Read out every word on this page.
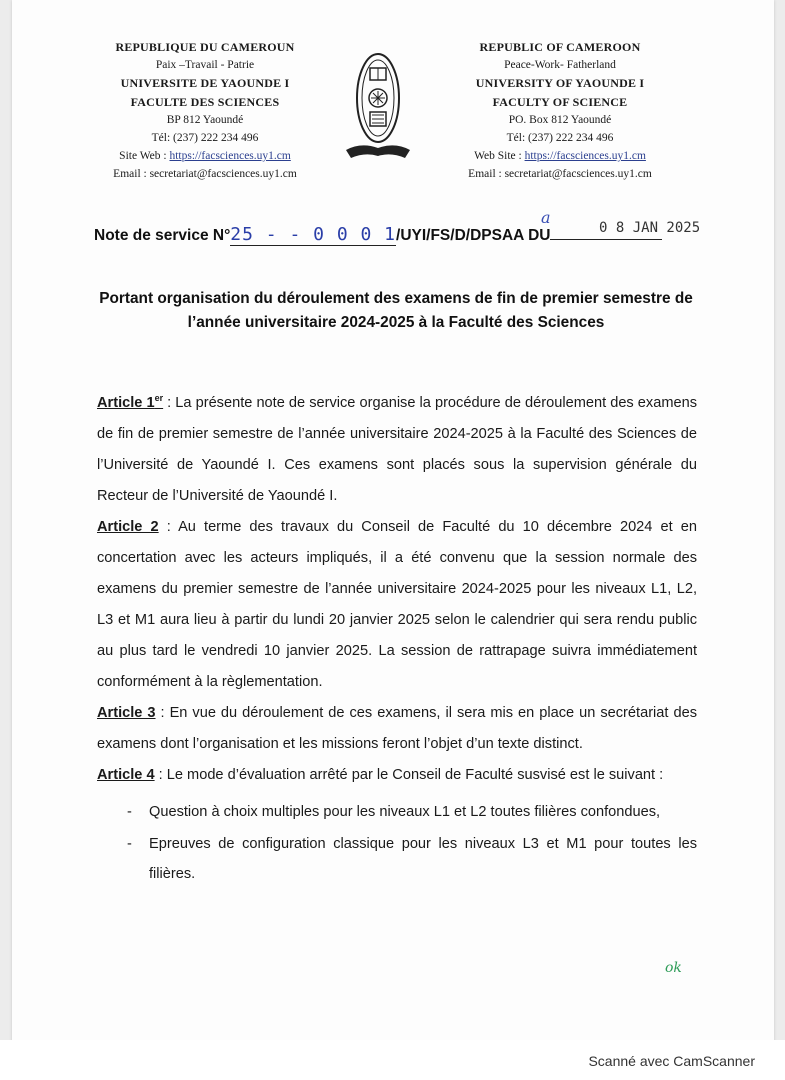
REPUBLIQUE DU CAMEROUN
Paix –Travail - Patrie
UNIVERSITE DE YAOUNDE I
FACULTE DES SCIENCES
BP 812 Yaoundé
Tél: (237) 222 234 496
Site Web : https://facsciences.uy1.cm
Email : secretariat@facsciences.uy1.cm
REPUBLIC OF CAMEROON
Peace-Work- Fatherland
UNIVERSITY OF YAOUNDE I
FACULTY OF SCIENCE
PO. Box 812 Yaoundé
Tél: (237) 222 234 496
Web Site : https://facsciences.uy1.cm
Email : secretariat@facsciences.uy1.cm
Note de service N°25 - - 0 0 0 1/UYI/FS/D/DPSAA DU	0 8 JAN 2025
a
Portant organisation du déroulement des examens de fin de premier semestre de l’année universitaire 2024-2025 à la Faculté des Sciences

Article 1er : La présente note de service organise la procédure de déroulement des examens de fin de premier semestre de l’année universitaire 2024-2025 à la Faculté des Sciences de l’Université de Yaoundé I. Ces examens sont placés sous la supervision générale du Recteur de l’Université de Yaoundé I.

Article 2 : Au terme des travaux du Conseil de Faculté du 10 décembre 2024 et en concertation avec les acteurs impliqués, il a été convenu que la session normale des examens du premier semestre de l’année universitaire 2024-2025 pour les niveaux L1, L2, L3 et M1 aura lieu à partir du lundi 20 janvier 2025 selon le calendrier qui sera rendu public au plus tard le vendredi 10 janvier 2025. La session de rattrapage suivra immédiatement conformément à la règlementation.

Article 3 : En vue du déroulement de ces examens, il sera mis en place un secrétariat des examens dont l’organisation et les missions feront l’objet d’un texte distinct.

Article 4 : Le mode d’évaluation arrêté par le Conseil de Faculté susvisé est le suivant :

- Question à choix multiples pour les niveaux L1 et L2 toutes filières confondues,
- Epreuves de configuration classique pour les niveaux L3 et M1 pour toutes les filières.
ok
Scanné avec CamScanner
